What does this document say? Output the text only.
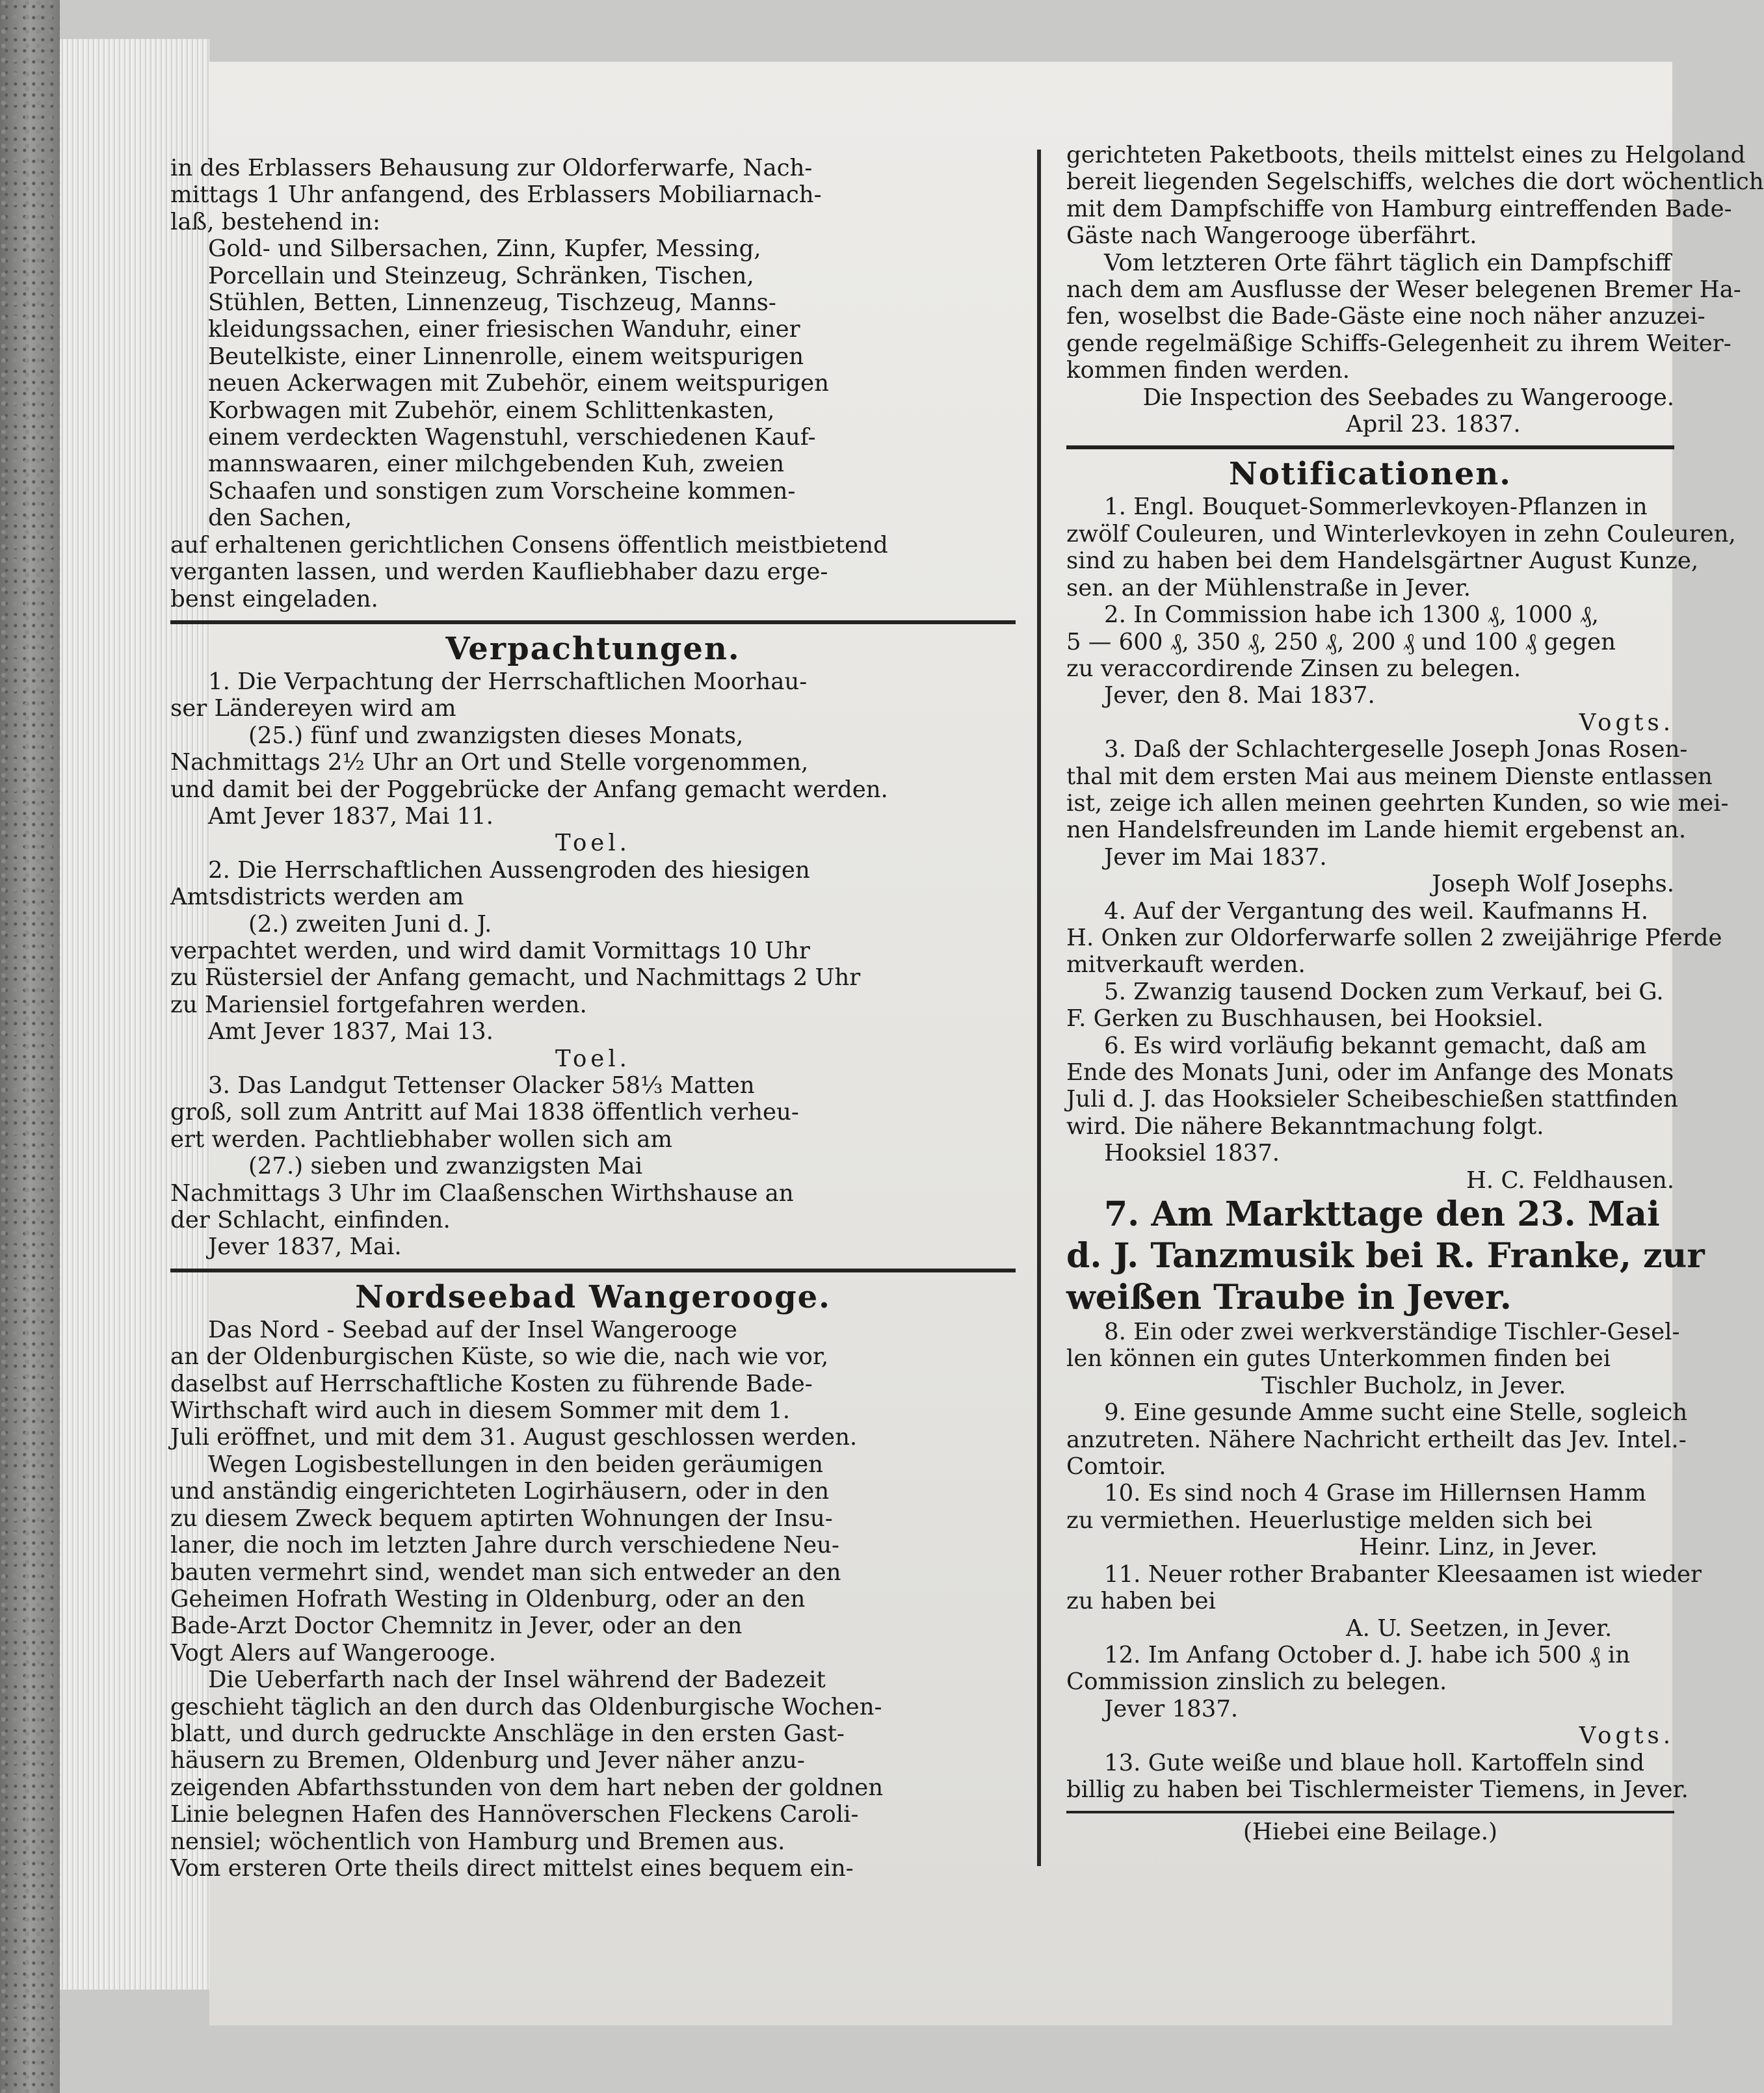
in des Erblassers Behausung zur Oldorferwarfe, Nach-
mittags 1 Uhr anfangend, des Erblassers Mobiliarnach-
laß, bestehend in:
Gold- und Silbersachen, Zinn, Kupfer, Messing,
Porcellain und Steinzeug, Schränken, Tischen,
Stühlen, Betten, Linnenzeug, Tischzeug, Manns-
kleidungssachen, einer friesischen Wanduhr, einer
Beutelkiste, einer Linnenrolle, einem weitspurigen
neuen Ackerwagen mit Zubehör, einem weitspurigen
Korbwagen mit Zubehör, einem Schlittenkasten,
einem verdeckten Wagenstuhl, verschiedenen Kauf-
mannswaaren, einer milchgebenden Kuh, zweien
Schaafen und sonstigen zum Vorscheine kommen-
den Sachen,
auf erhaltenen gerichtlichen Consens öffentlich meistbietend
verganten lassen, und werden Kaufliebhaber dazu erge-
benst eingeladen.
Verpachtungen.
1. Die Verpachtung der Herrschaftlichen Moorhau-
ser Ländereyen wird am
(25.) fünf und zwanzigsten dieses Monats,
Nachmittags 2½ Uhr an Ort und Stelle vorgenommen,
und damit bei der Poggebrücke der Anfang gemacht werden.
Amt Jever 1837, Mai 11.
Toel.
2. Die Herrschaftlichen Aussengroden des hiesigen
Amtsdistricts werden am
(2.) zweiten Juni d. J.
verpachtet werden, und wird damit Vormittags 10 Uhr
zu Rüstersiel der Anfang gemacht, und Nachmittags 2 Uhr
zu Mariensiel fortgefahren werden.
Amt Jever 1837, Mai 13.
Toel.
3. Das Landgut Tettenser Olacker 58⅓ Matten
groß, soll zum Antritt auf Mai 1838 öffentlich verheu-
ert werden. Pachtliebhaber wollen sich am
(27.) sieben und zwanzigsten Mai
Nachmittags 3 Uhr im Claaßenschen Wirthshause an
der Schlacht, einfinden.
Jever 1837, Mai.
Nordseebad Wangerooge.
Das Nord - Seebad auf der Insel Wangerooge
an der Oldenburgischen Küste, so wie die, nach wie vor,
daselbst auf Herrschaftliche Kosten zu führende Bade-
Wirthschaft wird auch in diesem Sommer mit dem 1.
Juli eröffnet, und mit dem 31. August geschlossen werden.
Wegen Logisbestellungen in den beiden geräumigen
und anständig eingerichteten Logirhäusern, oder in den
zu diesem Zweck bequem aptirten Wohnungen der Insu-
laner, die noch im letzten Jahre durch verschiedene Neu-
bauten vermehrt sind, wendet man sich entweder an den
Geheimen Hofrath Westing in Oldenburg, oder an den
Bade-Arzt Doctor Chemnitz in Jever, oder an den
Vogt Alers auf Wangerooge.
Die Ueberfarth nach der Insel während der Badezeit
geschieht täglich an den durch das Oldenburgische Wochen-
blatt, und durch gedruckte Anschläge in den ersten Gast-
häusern zu Bremen, Oldenburg und Jever näher anzu-
zeigenden Abfarthsstunden von dem hart neben der goldnen
Linie belegnen Hafen des Hannöverschen Fleckens Caroli-
nensiel; wöchentlich von Hamburg und Bremen aus.
Vom ersteren Orte theils direct mittelst eines bequem ein-
gerichteten Paketboots, theils mittelst eines zu Helgoland
bereit liegenden Segelschiffs, welches die dort wöchentlich
mit dem Dampfschiffe von Hamburg eintreffenden Bade-
Gäste nach Wangerooge überfährt.
Vom letzteren Orte fährt täglich ein Dampfschiff
nach dem am Ausflusse der Weser belegenen Bremer Ha-
fen, woselbst die Bade-Gäste eine noch näher anzuzei-
gende regelmäßige Schiffs-Gelegenheit zu ihrem Weiter-
kommen finden werden.
Die Inspection des Seebades zu Wangerooge.
April 23. 1837.
Notificationen.
1. Engl. Bouquet-Sommerlevkoyen-Pflanzen in
zwölf Couleuren, und Winterlevkoyen in zehn Couleuren,
sind zu haben bei dem Handelsgärtner August Kunze,
sen. an der Mühlenstraße in Jever.
2. In Commission habe ich 1300 ₰, 1000 ₰,
5 — 600 ₰, 350 ₰, 250 ₰, 200 ₰ und 100 ₰ gegen
zu veraccordirende Zinsen zu belegen.
Jever, den 8. Mai 1837.
Vogts.
3. Daß der Schlachtergeselle Joseph Jonas Rosen-
thal mit dem ersten Mai aus meinem Dienste entlassen
ist, zeige ich allen meinen geehrten Kunden, so wie mei-
nen Handelsfreunden im Lande hiemit ergebenst an.
Jever im Mai 1837.
Joseph Wolf Josephs.
4. Auf der Vergantung des weil. Kaufmanns H.
H. Onken zur Oldorferwarfe sollen 2 zweijährige Pferde
mitverkauft werden.
5. Zwanzig tausend Docken zum Verkauf, bei G.
F. Gerken zu Buschhausen, bei Hooksiel.
6. Es wird vorläufig bekannt gemacht, daß am
Ende des Monats Juni, oder im Anfange des Monats
Juli d. J. das Hooksieler Scheibeschießen stattfinden
wird. Die nähere Bekanntmachung folgt.
Hooksiel 1837.
H. C. Feldhausen.
7. Am Markttage den 23. Mai
d. J. Tanzmusik bei R. Franke, zur
weißen Traube in Jever.
8. Ein oder zwei werkverständige Tischler-Gesel-
len können ein gutes Unterkommen finden bei
Tischler Bucholz, in Jever.
9. Eine gesunde Amme sucht eine Stelle, sogleich
anzutreten. Nähere Nachricht ertheilt das Jev. Intel.-
Comtoir.
10. Es sind noch 4 Grase im Hillernsen Hamm
zu vermiethen. Heuerlustige melden sich bei
Heinr. Linz, in Jever.
11. Neuer rother Brabanter Kleesaamen ist wieder
zu haben bei
A. U. Seetzen, in Jever.
12. Im Anfang October d. J. habe ich 500 ₰ in
Commission zinslich zu belegen.
Jever 1837.
Vogts.
13. Gute weiße und blaue holl. Kartoffeln sind
billig zu haben bei Tischlermeister Tiemens, in Jever.
(Hiebei eine Beilage.)
